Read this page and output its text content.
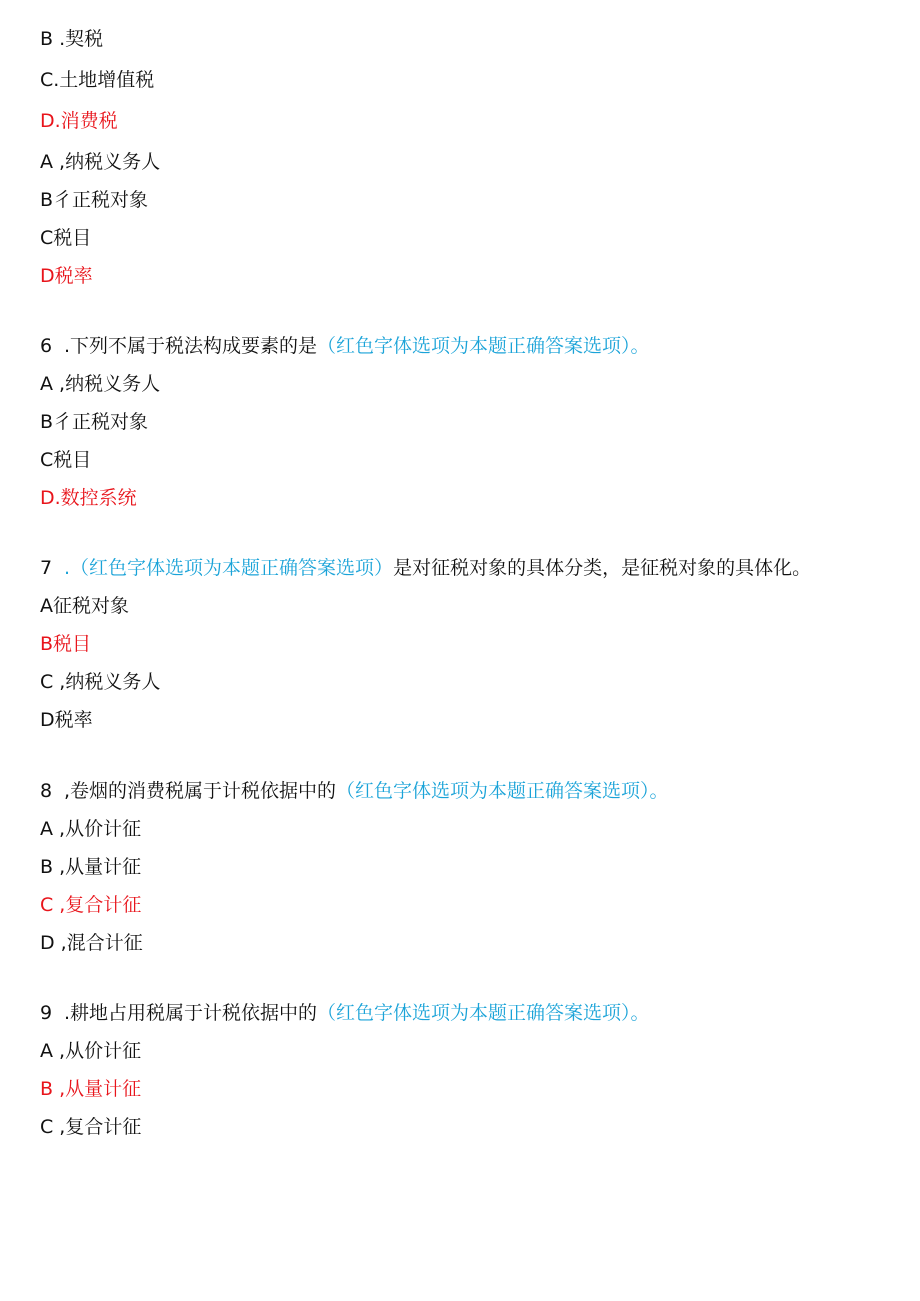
B .契税
C.土地增值税
D.消费税
A ,纳税义务人
B彳正税对象
C税目
D税率
6 .下列不属于税法构成要素的是（红色字体选项为本题正确答案选项）。
A ,纳税义务人
B彳正税对象
C税目
D.数控系统
7 .（红色字体选项为本题正确答案选项）是对征税对象的具体分类，是征税对象的具体化。
A征税对象
B税目
C ,纳税义务人
D税率
8 ,卷烟的消费税属于计税依据中的（红色字体选项为本题正确答案选项）。
A ,从价计征
B ,从量计征
C ,复合计征
D ,混合计征
9 .耕地占用税属于计税依据中的（红色字体选项为本题正确答案选项）。
A ,从价计征
B ,从量计征
C ,复合计征
